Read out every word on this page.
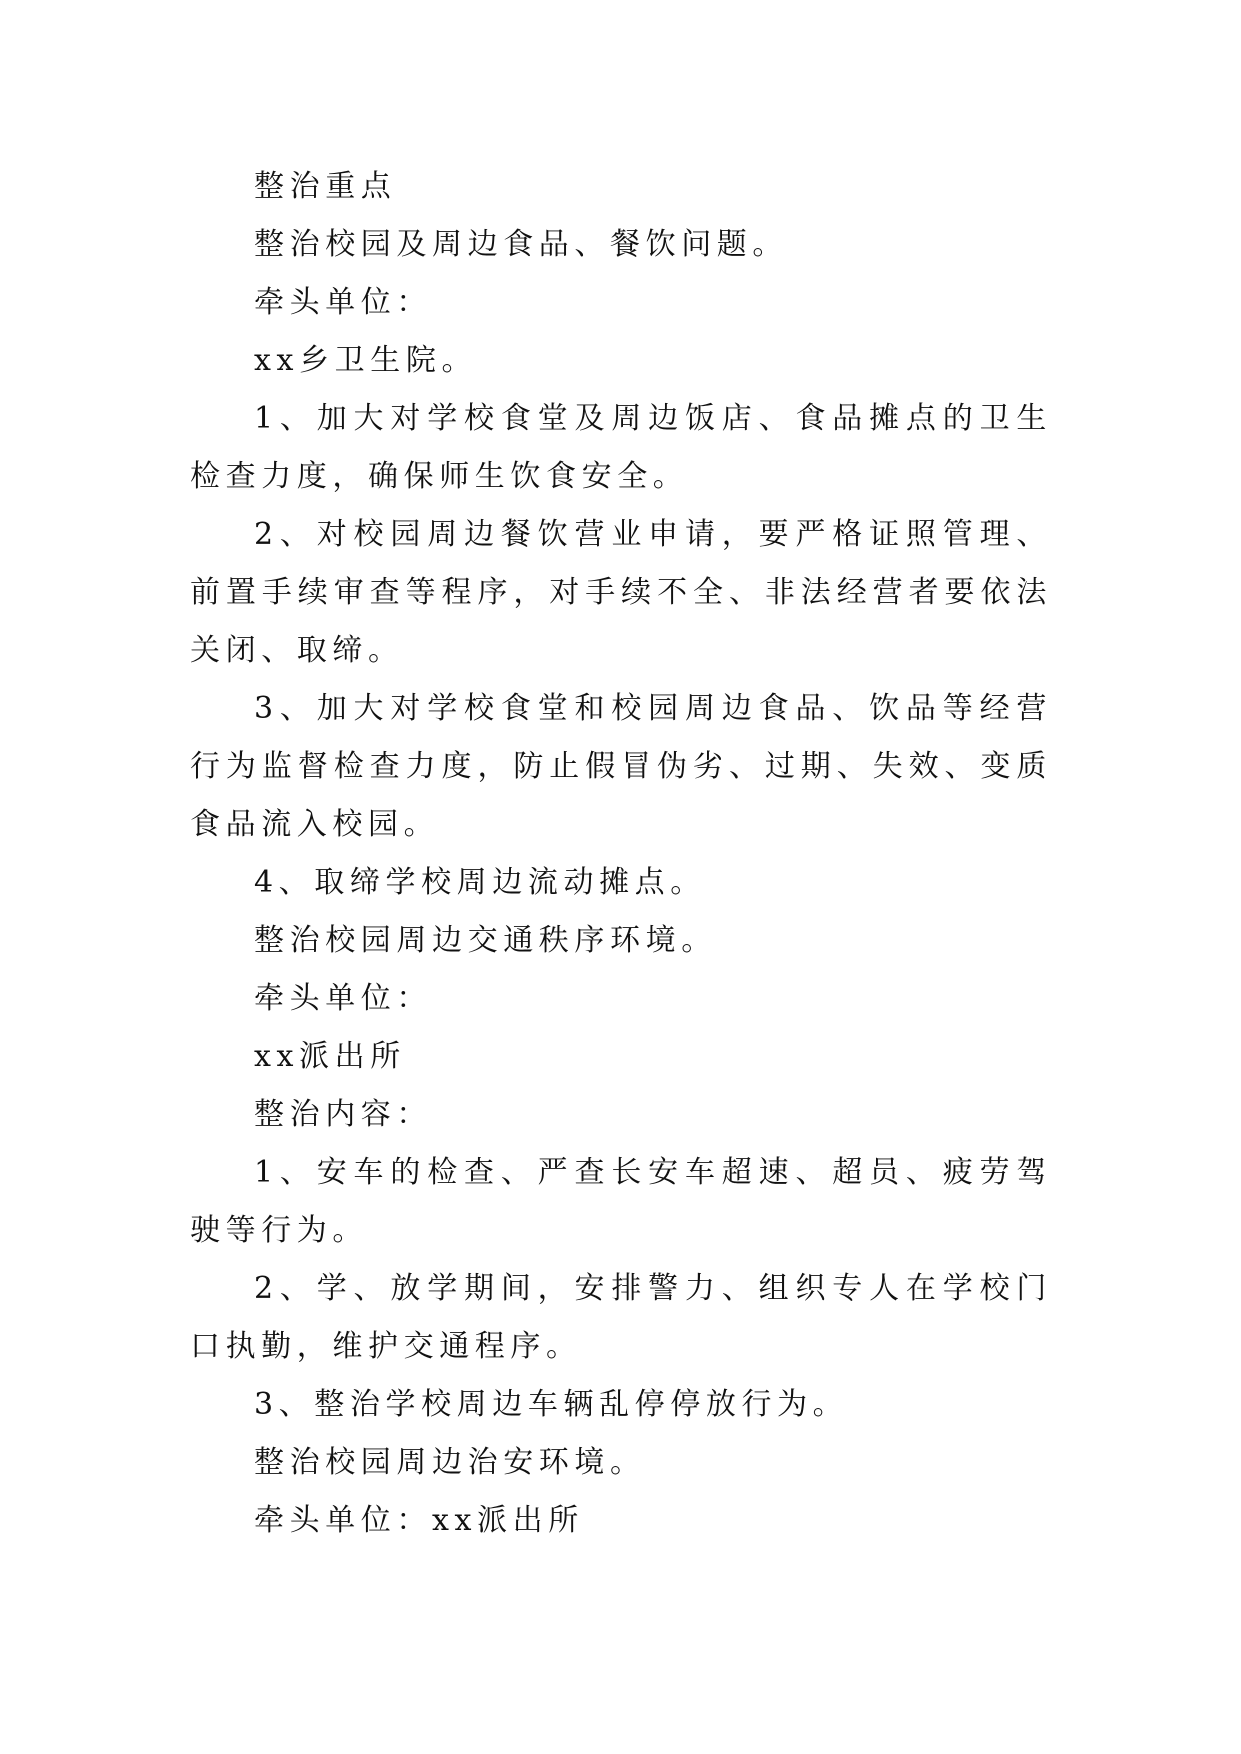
整治重点

整治校园及周边食品、餐饮问题。

牵头单位：

xx乡卫生院。

1、加大对学校食堂及周边饭店、食品摊点的卫生检查力度，确保师生饮食安全。

2、对校园周边餐饮营业申请，要严格证照管理、前置手续审查等程序，对手续不全、非法经营者要依法关闭、取缔。

3、加大对学校食堂和校园周边食品、饮品等经营行为监督检查力度，防止假冒伪劣、过期、失效、变质食品流入校园。

4、取缔学校周边流动摊点。

整治校园周边交通秩序环境。

牵头单位：

xx派出所

整治内容：

1、安车的检查、严查长安车超速、超员、疲劳驾驶等行为。

2、学、放学期间，安排警力、组织专人在学校门口执勤，维护交通程序。

3、整治学校周边车辆乱停停放行为。

整治校园周边治安环境。

牵头单位：xx派出所
